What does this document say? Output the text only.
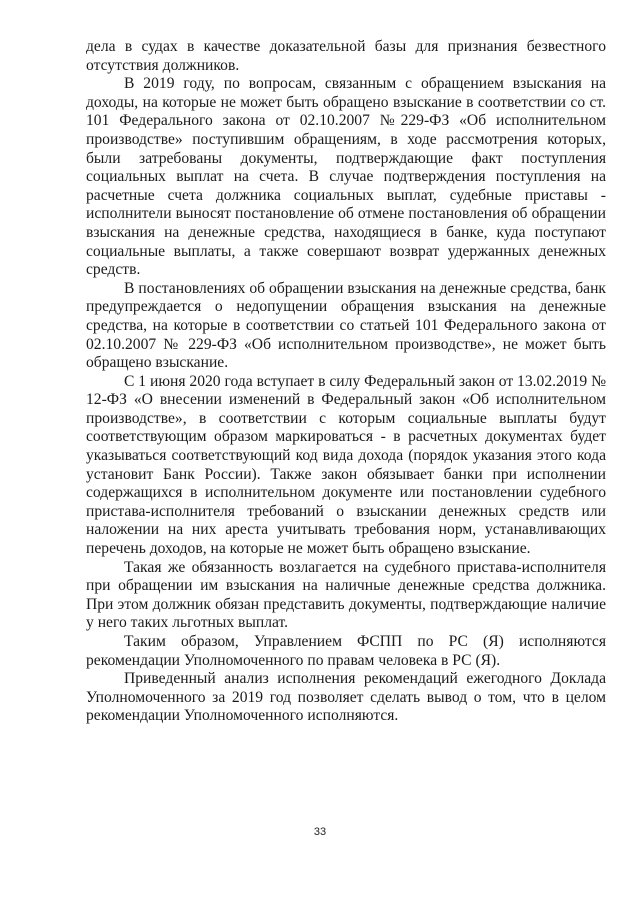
дела в судах в качестве доказательной базы для признания безвестного отсутствия должников.

В 2019 году, по вопросам, связанным с обращением взыскания на доходы, на которые не может быть обращено взыскание в соответствии со ст. 101 Федерального закона от 02.10.2007 №229-ФЗ «Об исполнительном производстве» поступившим обращениям, в ходе рассмотрения которых, были затребованы документы, подтверждающие факт поступления социальных выплат на счета. В случае подтверждения поступления на расчетные счета должника социальных выплат, судебные приставы - исполнители выносят постановление об отмене постановления об обращении взыскания на денежные средства, находящиеся в банке, куда поступают социальные выплаты, а также совершают возврат удержанных денежных средств.

В постановлениях об обращении взыскания на денежные средства, банк предупреждается о недопущении обращения взыскания на денежные средства, на которые в соответствии со статьей 101 Федерального закона от 02.10.2007 № 229-ФЗ «Об исполнительном производстве», не может быть обращено взыскание.

С 1 июня 2020 года вступает в силу Федеральный закон от 13.02.2019 № 12-ФЗ «О внесении изменений в Федеральный закон «Об исполнительном производстве», в соответствии с которым социальные выплаты будут соответствующим образом маркироваться - в расчетных документах будет указываться соответствующий код вида дохода (порядок указания этого кода установит Банк России). Также закон обязывает банки при исполнении содержащихся в исполнительном документе или постановлении судебного пристава-исполнителя требований о взыскании денежных средств или наложении на них ареста учитывать требования норм, устанавливающих перечень доходов, на которые не может быть обращено взыскание.

Такая же обязанность возлагается на судебного пристава-исполнителя при обращении им взыскания на наличные денежные средства должника. При этом должник обязан представить документы, подтверждающие наличие у него таких льготных выплат.

Таким образом, Управлением ФСПП по РС (Я) исполняются рекомендации Уполномоченного по правам человека в РС (Я).

Приведенный анализ исполнения рекомендаций ежегодного Доклада Уполномоченного за 2019 год позволяет сделать вывод о том, что в целом рекомендации Уполномоченного исполняются.

33
